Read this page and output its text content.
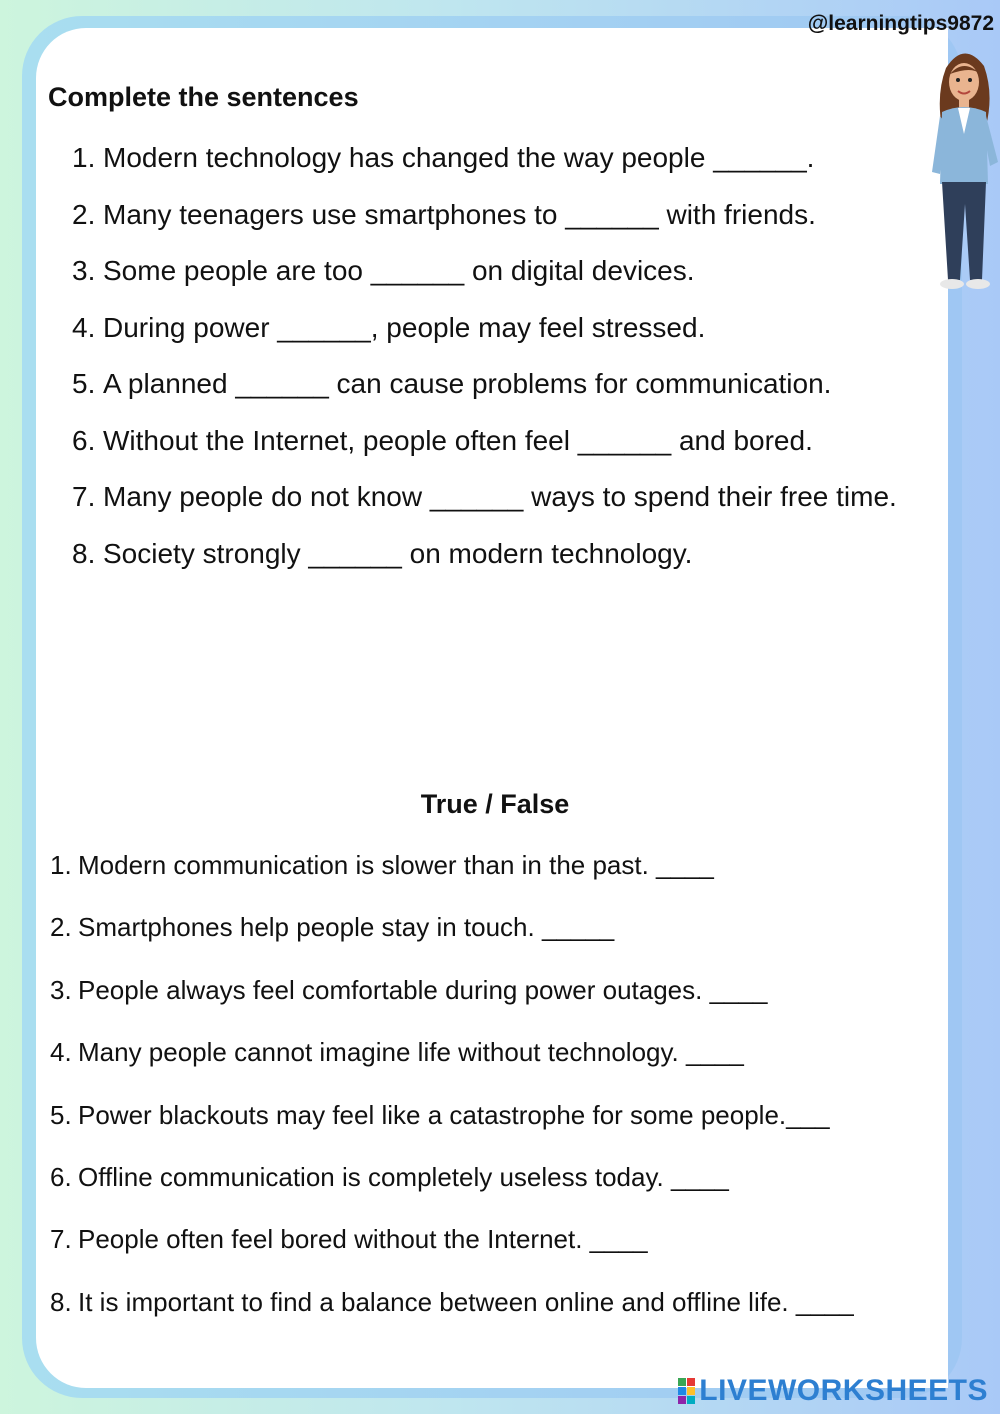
@learningtips9872
Complete the sentences
1. Modern technology has changed the way people ______.
2. Many teenagers use smartphones to ______ with friends.
3. Some people are too ______ on digital devices.
4. During power ______, people may feel stressed.
5. A planned ______ can cause problems for communication.
6. Without the Internet, people often feel ______ and bored.
7. Many people do not know ______ ways to spend their free time.
8. Society strongly ______ on modern technology.
True / False
1. Modern communication is slower than in the past. ____
2. Smartphones help people stay in touch. _____
3. People always feel comfortable during power outages. ____
4. Many people cannot imagine life without technology. ____
5. Power blackouts may feel like a catastrophe for some people.___
6. Offline communication is completely useless today. ____
7. People often feel bored without the Internet. ____
8. It is important to find a balance between online and offline life. ____
LIVEWORKSHEETS
